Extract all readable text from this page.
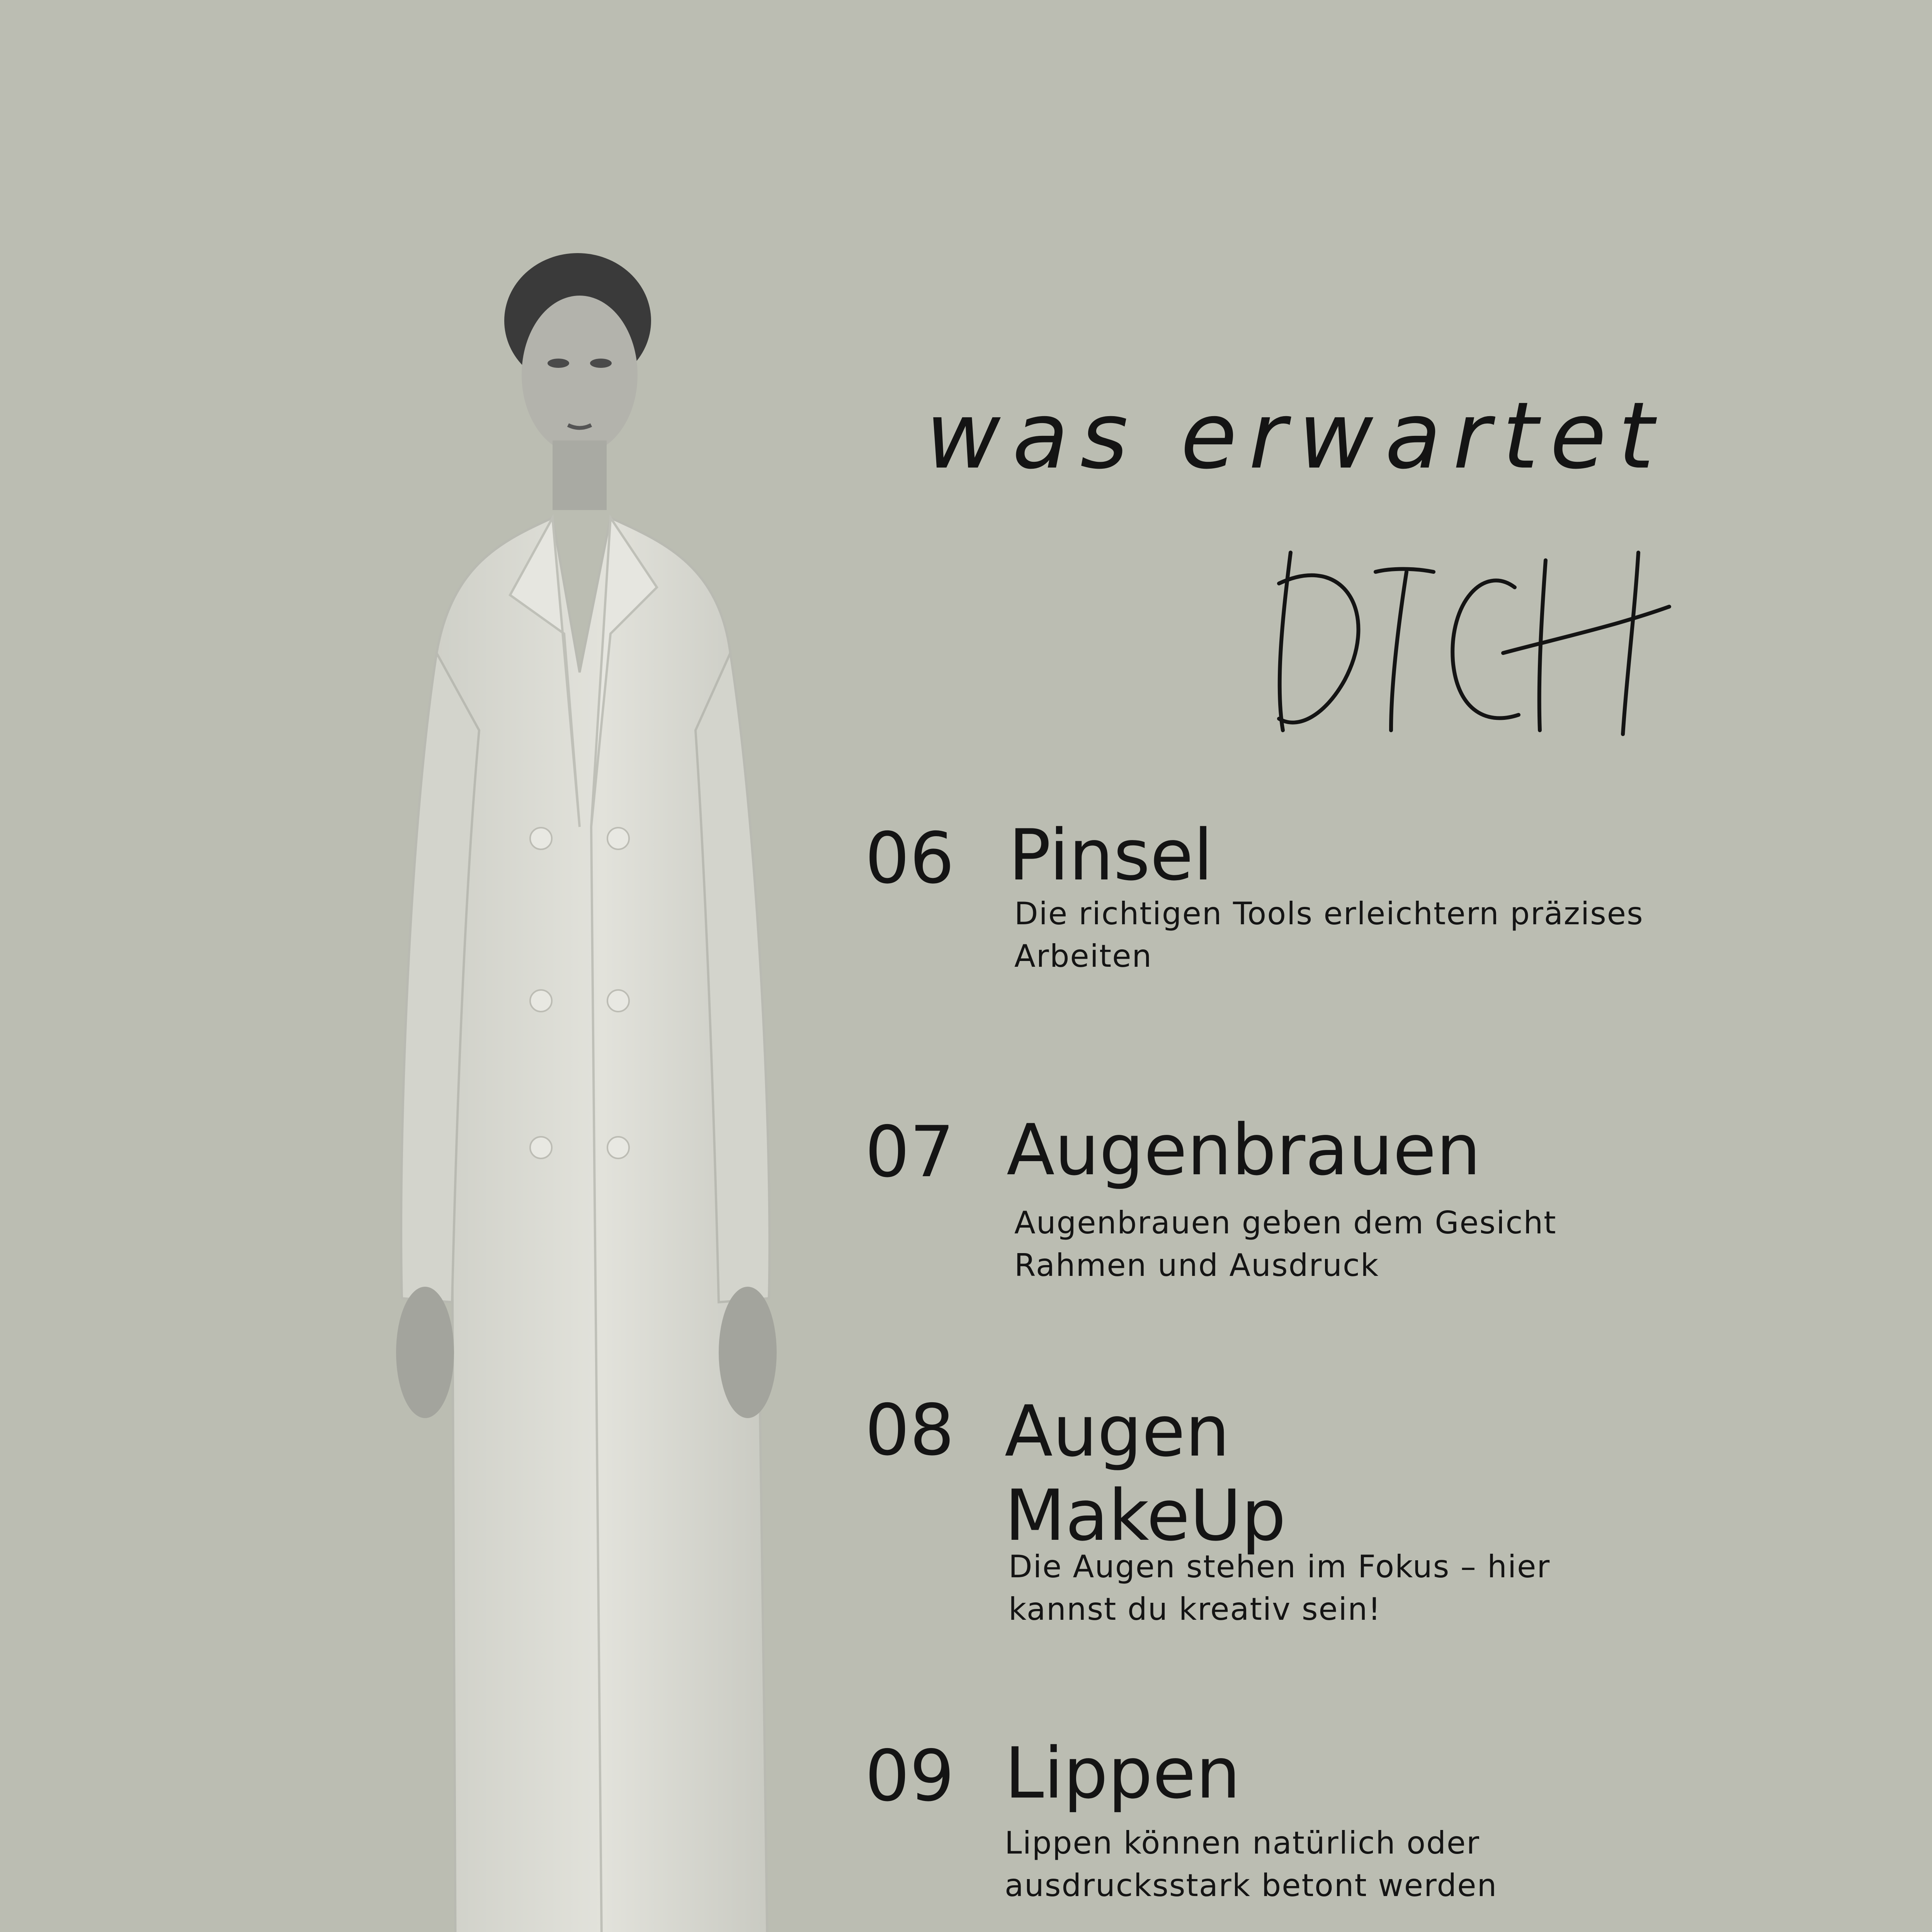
was erwartet
06 Pinsel
Die richtigen Tools erleichtern präzises Arbeiten
07 Augenbrauen
Augenbrauen geben dem Gesicht Rahmen und Ausdruck
08 Augen MakeUp
Die Augen stehen im Fokus – hier kannst du kreativ sein!
09 Lippen
Lippen können natürlich oder ausdrucksstark betont werden
